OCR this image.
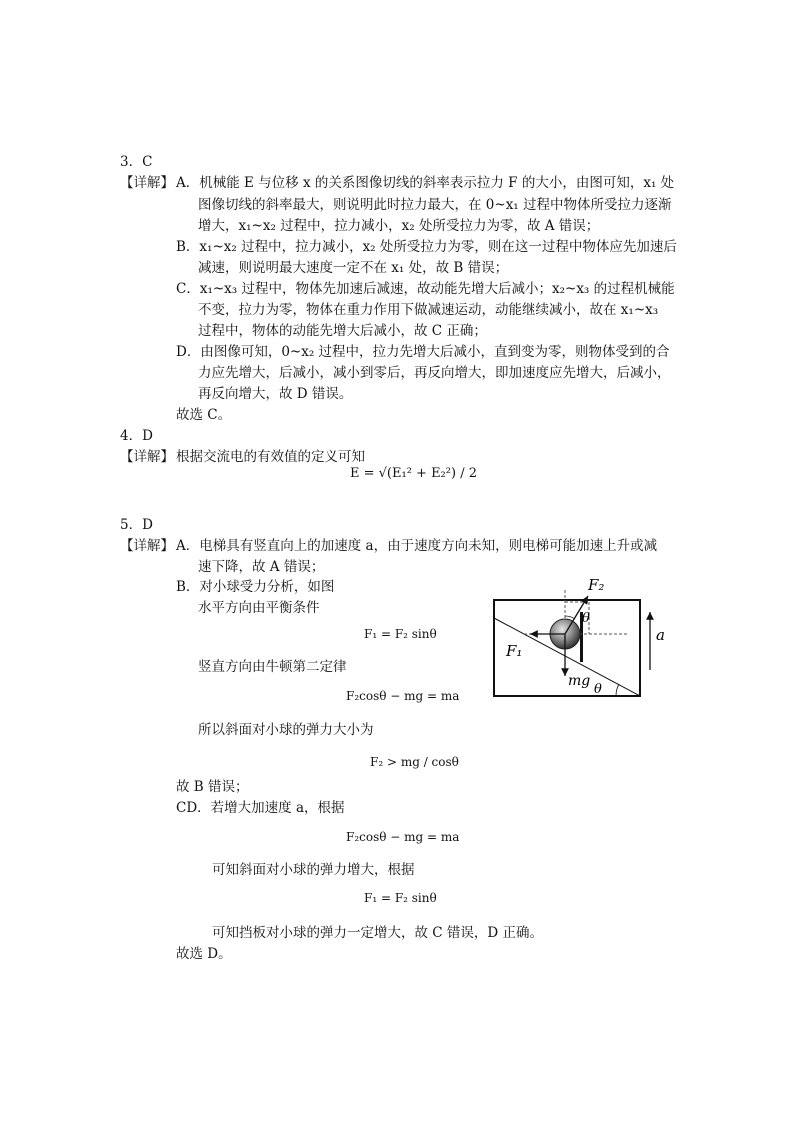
3．C
【详解】 A．机械能 E 与位移 x 的关系图像切线的斜率表示拉力 F 的大小，由图可知，x₁ 处
图像切线的斜率最大，则说明此时拉力最大，在 0~x₁ 过程中物体所受拉力逐渐
增大，x₁~x₂ 过程中，拉力减小，x₂ 处所受拉力为零，故 A 错误；
B．x₁~x₂ 过程中，拉力减小，x₂ 处所受拉力为零，则在这一过程中物体应先加速后
减速，则说明最大速度一定不在 x₁ 处，故 B 错误；
C．x₁~x₃ 过程中，物体先加速后减速，故动能先增大后减小；x₂~x₃ 的过程机械能
不变，拉力为零，物体在重力作用下做减速运动，动能继续减小，故在 x₁~x₃
过程中，物体的动能先增大后减小，故 C 正确；
D．由图像可知，0~x₂ 过程中，拉力先增大后减小，直到变为零，则物体受到的合
力应先增大，后减小，减小到零后，再反向增大，即加速度应先增大，后减小，
再反向增大，故 D 错误。
故选 C。
4．D
【详解】 根据交流电的有效值的定义可知
E = √(E₁² + E₂²) / 2
5．D
【详解】 A．电梯具有竖直向上的加速度 a，由于速度方向未知，则电梯可能加速上升或减
速下降，故 A 错误；
B．对小球受力分析，如图
水平方向由平衡条件
F₁ = F₂ sinθ
竖直方向由牛顿第二定律
F₂cosθ − mg = ma
所以斜面对小球的弹力大小为
F₂ > mg / cosθ
故 B 错误；
CD．若增大加速度 a，根据
F₂cosθ − mg = ma
可知斜面对小球的弹力增大，根据
F₁ = F₂ sinθ
可知挡板对小球的弹力一定增大，故 C 错误，D 正确。
故选 D。
F₂
θ
F₁
mg
θ
a
